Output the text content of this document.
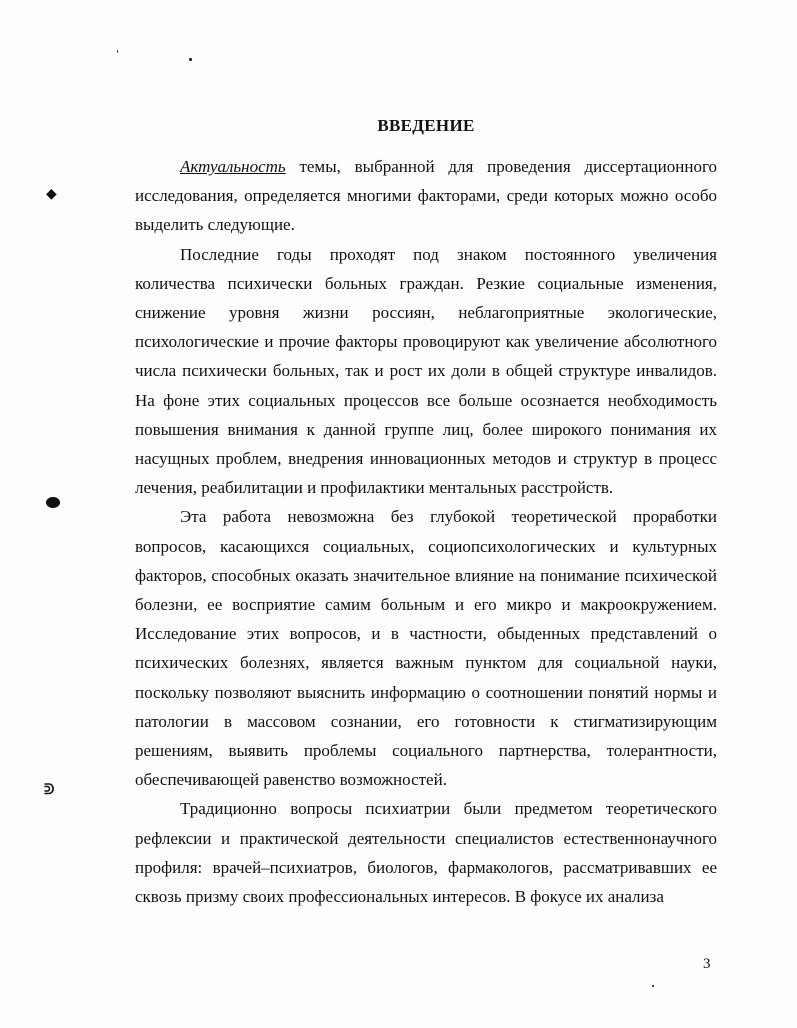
◆
ᕲ
ВВЕДЕНИЕ

Актуальность темы, выбранной для проведения диссертационного исследования, определяется многими факторами, среди которых можно особо выделить следующие.

Последние годы проходят под знаком постоянного увеличения количества психически больных граждан. Резкие социальные изменения, снижение уровня жизни россиян, неблагоприятные экологические, психологические и прочие факторы провоцируют как увеличение абсолютного числа психически больных, так и рост их доли в общей структуре инвалидов. На фоне этих социальных процессов все больше осознается необходимость повышения внимания к данной группе лиц, более широкого понимания их насущных проблем, внедрения инновационных методов и структур в процесс лечения, реабилитации и профилактики ментальных расстройств.

Эта работа невозможна без глубокой теоретической проработки вопросов, касающихся социальных, социопсихологических и культурных факторов, способных оказать значительное влияние на понимание психической болезни, ее восприятие самим больным и его микро и макроокружением. Исследование этих вопросов, и в частности, обыденных представлений о психических болезнях, является важным пунктом для социальной науки, поскольку позволяют выяснить информацию о соотношении понятий нормы и патологии в массовом сознании, его готовности к стигматизирующим решениям, выявить проблемы социального партнерства, толерантности, обеспечивающей равенство возможностей.

Традиционно вопросы психиатрии были предметом теоретического рефлексии и практической деятельности специалистов естественнонаучного профиля: врачей–психиатров, биологов, фармакологов, рассматривавших ее сквозь призму своих профессиональных интересов. В фокусе их анализа

3
